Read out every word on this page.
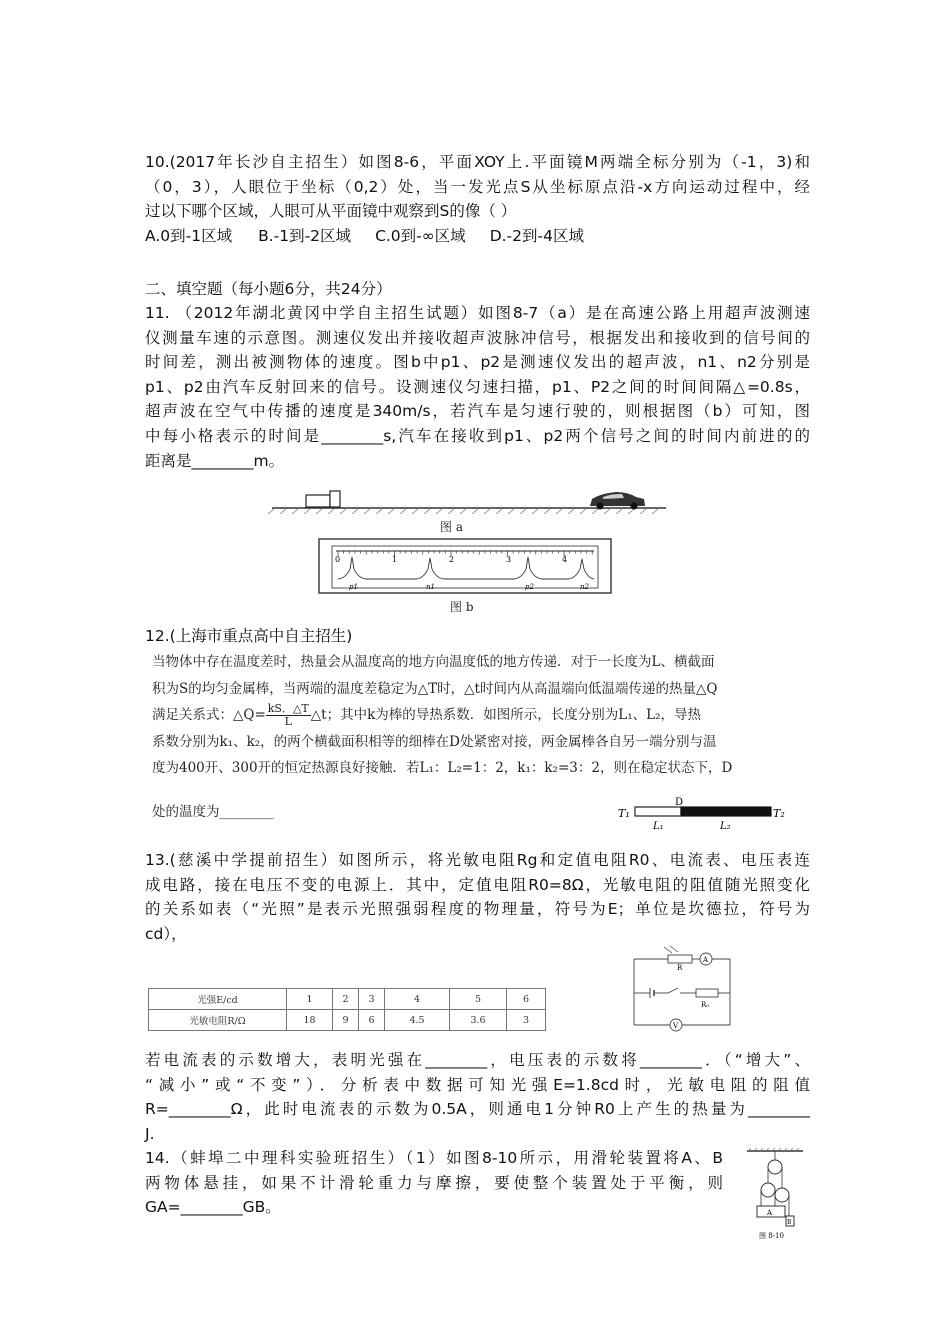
10.(2017年长沙自主招生）如图8-6，平面XOY上.平面镜M两端全标分别为（-1，3)和
（0，3），人眼位于坐标（0,2）处，当一发光点S从坐标原点沿-x方向运动过程中，经
过以下哪个区域，人眼可从平面镜中观察到S的像（ ）
A.0到-1区域 B.-1到-2区域 C.0到-∞区域 D.-2到-4区域
二、填空题（每小题6分，共24分）
11. （2012年湖北黄冈中学自主招生试题）如图8-7（a）是在高速公路上用超声波测速
仪测量车速的示意图。测速仪发出并接收超声波脉冲信号，根据发出和接收到的信号间的
时间差，测出被测物体的速度。图b中p1、p2是测速仪发出的超声波，n1、n2分别是
p1、p2由汽车反射回来的信号。设测速仪匀速扫描，p1、P2之间的时间间隔△=0.8s，
超声波在空气中传播的速度是340m/s，若汽车是匀速行驶的，则根据图（b）可知，图
中每小格表示的时间是________s,汽车在接收到p1、p2两个信号之间的时间内前进的的
距离是________m。
图 a
0	1	2	3	4
p1	n1	p2	n2
图 b
12.(上海市重点高中自主招生)
当物体中存在温度差时，热量会从温度高的地方向温度低的地方传递．对于一长度为L、横截面
积为S的均匀金属棒，当两端的温度差稳定为△T时，△t时间内从高温端向低温端传递的热量△Q
满足关系式：△Q= $\frac{kS.\triangle T}{L}$ △t；其中k为棒的导热系数．如图所示，长度分别为L₁、L₂，导热
系数分别为k₁、k₂，的两个横截面积相等的细棒在D处紧密对接，两金属棒各自另一端分别与温
度为400开、300开的恒定热源良好接触．若L₁：L₂=1：2，k₁：k₂=3：2，则在稳定状态下，D
处的温度为________	T₁
D
T₂
L₁	L₂
13.(慈溪中学提前招生）如图所示，将光敏电阻Rg和定值电阻R0、电流表、电压表连
成电路，接在电压不变的电源上．其中，定值电阻R0=8Ω，光敏电阻的阻值随光照变化
的关系如表（“光照”是表示光照强弱程度的物理量，符号为E；单位是坎德拉，符号为
cd），
R
A
R₀
V
光强E/cd	1	2	3	4	5	6
光敏电阻R/Ω	18	9	6	4.5	3.6	3
若电流表的示数增大，表明光强在________，电压表的示数将________．（“增大”、
“减小”或“不变”）．分析表中数据可知光强E=1.8cd时，光敏电阻的阻值
R=________Ω，此时电流表的示数为0.5A，则通电1分钟R0上产生的热量为________
J.
14.（蚌埠二中理科实验班招生）（1）如图8-10所示，用滑轮装置将A、B
两物体悬挂，如果不计滑轮重力与摩擦，要使整个装置处于平衡，则
GA=________GB。	A
B
图 8-10
